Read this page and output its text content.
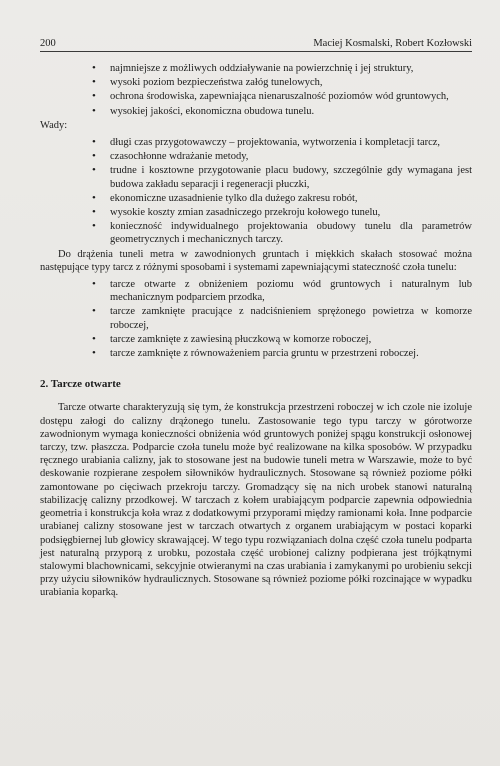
200	Maciej Kosmalski, Robert Kozłowski
• najmniejsze z możliwych oddziaływanie na powierzchnię i jej struktury,
• wysoki poziom bezpieczeństwa załóg tunelowych,
• ochrona środowiska, zapewniająca nienaruszalność poziomów wód gruntowych,
• wysokiej jakości, ekonomiczna obudowa tunelu.
Wady:
• długi czas przygotowawczy – projektowania, wytworzenia i kompletacji tarcz,
• czasochłonne wdrażanie metody,
• trudne i kosztowne przygotowanie placu budowy, szczególnie gdy wymagana jest budowa zakładu separacji i regeneracji płuczki,
• ekonomiczne uzasadnienie tylko dla dużego zakresu robót,
• wysokie koszty zmian zasadniczego przekroju kołowego tunelu,
• konieczność indywidualnego projektowania obudowy tunelu dla parametrów geometrycznych i mechanicznych tarczy.

Do drążenia tuneli metra w zawodnionych gruntach i miękkich skałach stosować można następujące typy tarcz z różnymi sposobami i systemami zapewniającymi stateczność czoła tunelu:

• tarcze otwarte z obniżeniem poziomu wód gruntowych i naturalnym lub mechanicznym podparciem przodka,
• tarcze zamknięte pracujące z nadciśnieniem sprężonego powietrza w komorze roboczej,
• tarcze zamknięte z zawiesiną płuczkową w komorze roboczej,
• tarcze zamknięte z równoważeniem parcia gruntu w przestrzeni roboczej.
2. Tarcze otwarte

Tarcze otwarte charakteryzują się tym, że konstrukcja przestrzeni roboczej w ich czole nie izoluje dostępu załogi do calizny drążonego tunelu. Zastosowanie tego typu tarczy w górotworze zawodnionym wymaga konieczności obniżenia wód gruntowych poniżej spągu konstrukcji osłonowej tarczy, tzw. płaszcza. Podparcie czoła tunelu może być realizowane na kilka sposobów. W przypadku ręcznego urabiania calizny, jak to stosowane jest na budowie tuneli metra w Warszawie, może to być deskowanie rozpierane zespołem siłowników hydraulicznych. Stosowane są również poziome półki zamontowane po cięciwach przekroju tarczy. Gromadzący się na nich urobek stanowi naturalną stabilizację calizny przodkowej. W tarczach z kołem urabiającym podparcie zapewnia odpowiednia geometria i konstrukcja koła wraz z dodatkowymi przyporami między ramionami koła. Inne podparcie urabianej calizny stosowane jest w tarczach otwartych z organem urabiającym w postaci koparki podsięgbiernej lub głowicy skrawającej. W tego typu rozwiązaniach dolna część czoła tunelu podparta jest naturalną przyporą z urobku, pozostała część urobionej calizny podpierana jest trójkątnymi stalowymi blachownicami, sekcyjnie otwieranymi na czas urabiania i zamykanymi po urobieniu sekcji przy użyciu siłowników hydraulicznych. Stosowane są również poziome półki rozcinające w wypadku urabiania koparką.
